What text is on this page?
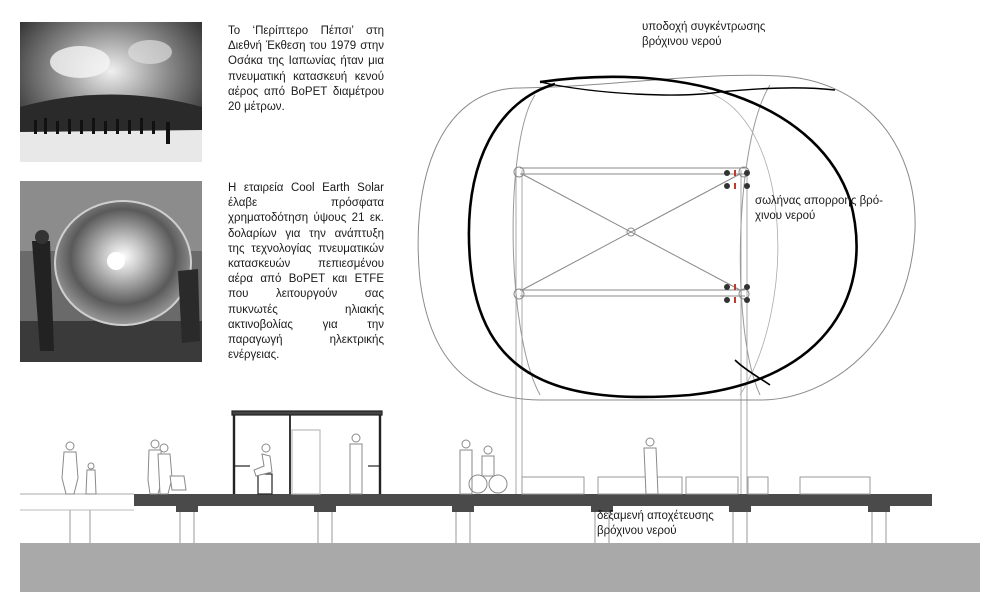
Το ‘Περίπτερο Πέπσι’ στη Διεθνή Έκθεση του 1979 στην Οσάκα της Ιαπωνίας ήταν μια πνευματική κατασκευή κενού αέρος από BoPET διαμέτρου 20 μέτρων.
Η εταιρεία Cool Earth Solar έλαβε πρόσφατα χρηματοδότηση ύψους 21 εκ. δολαρίων για την ανάπτυξη της τεχνολογίας πνευματικών κατασκευών πεπιεσμένου αέρα από BoPET και ETFE που λειτουργούν σας πυκνωτές ηλιακής ακτινοβολίας για την παραγωγή ηλεκτρικής ενέργειας.
υποδοχή συγκέντρωσης
βρόχινου νερού
σωλήνας απορροής βρό-
χινου νερού
δεξαμενή αποχέτευσης
βρόχινου νερού
